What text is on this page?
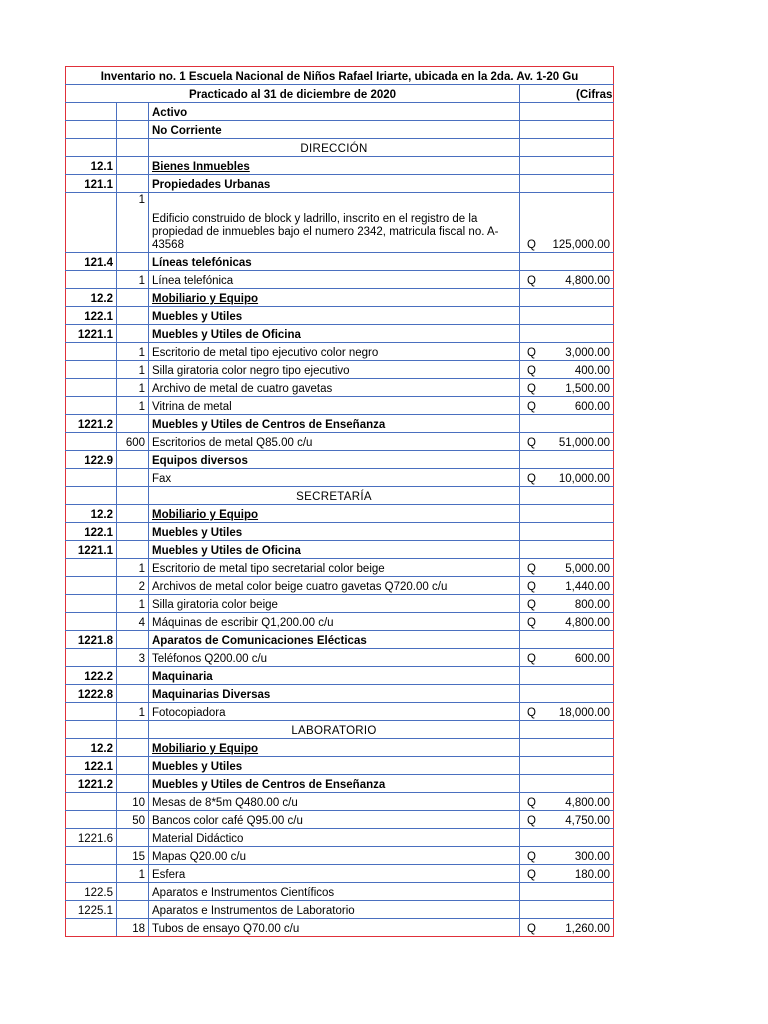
Inventario no. 1 Escuela Nacional de Niños Rafael Iriarte, ubicada en la 2da. Av. 1-20 Gu			
Practicado al 31 de diciembre de 2020			(Cifras
		Activo	
		No Corriente	
		DIRECCIÓN	
12.1		Bienes Inmuebles	
121.1		Propiedades Urbanas	
	1	Edificio construido de block y ladrillo, inscrito en el registro de la propiedad de inmuebles bajo el numero 2342, matricula fiscal no. A-43568	Q 125,000.00

121.4		Líneas telefónicas	
	1	Línea telefónica	Q 4,800.00

12.2		Mobiliario y Equipo	
122.1		Muebles y Utiles	
1221.1		Muebles y Utiles de Oficina	
	1	Escritorio de metal tipo ejecutivo color negro	Q 3,000.00

	1	Silla giratoria color negro tipo ejecutivo	Q 400.00

	1	Archivo de metal de cuatro gavetas	Q 1,500.00

	1	Vitrina de metal	Q 600.00

1221.2		Muebles y Utiles de Centros de Enseñanza	
	600	Escritorios de metal Q85.00 c/u	Q 51,000.00

122.9		Equipos diversos	
		Fax	Q 10,000.00

		SECRETARÍA	
12.2		Mobiliario y Equipo	
122.1		Muebles y Utiles	
1221.1		Muebles y Utiles de Oficina	
	1	Escritorio de metal tipo secretarial color beige	Q 5,000.00

	2	Archivos de metal color beige cuatro gavetas Q720.00 c/u	Q 1,440.00

	1	Silla giratoria color beige	Q 800.00

	4	Máquinas de escribir Q1,200.00 c/u	Q 4,800.00

1221.8		Aparatos de Comunicaciones Elécticas	
	3	Teléfonos Q200.00 c/u	Q 600.00

122.2		Maquinaria	
1222.8		Maquinarias Diversas	
	1	Fotocopiadora	Q 18,000.00

		LABORATORIO	
12.2		Mobiliario y Equipo	
122.1		Muebles y Utiles	
1221.2		Muebles y Utiles de Centros de Enseñanza	
	10	Mesas de 8*5m Q480.00 c/u	Q 4,800.00

	50	Bancos color café Q95.00 c/u	Q 4,750.00

1221.6		Material Didáctico	
	15	Mapas Q20.00 c/u	Q 300.00

	1	Esfera	Q 180.00

122.5		Aparatos e Instrumentos Científicos	
1225.1		Aparatos e Instrumentos de Laboratorio	
	18	Tubos de ensayo Q70.00 c/u	Q 1,260.00
